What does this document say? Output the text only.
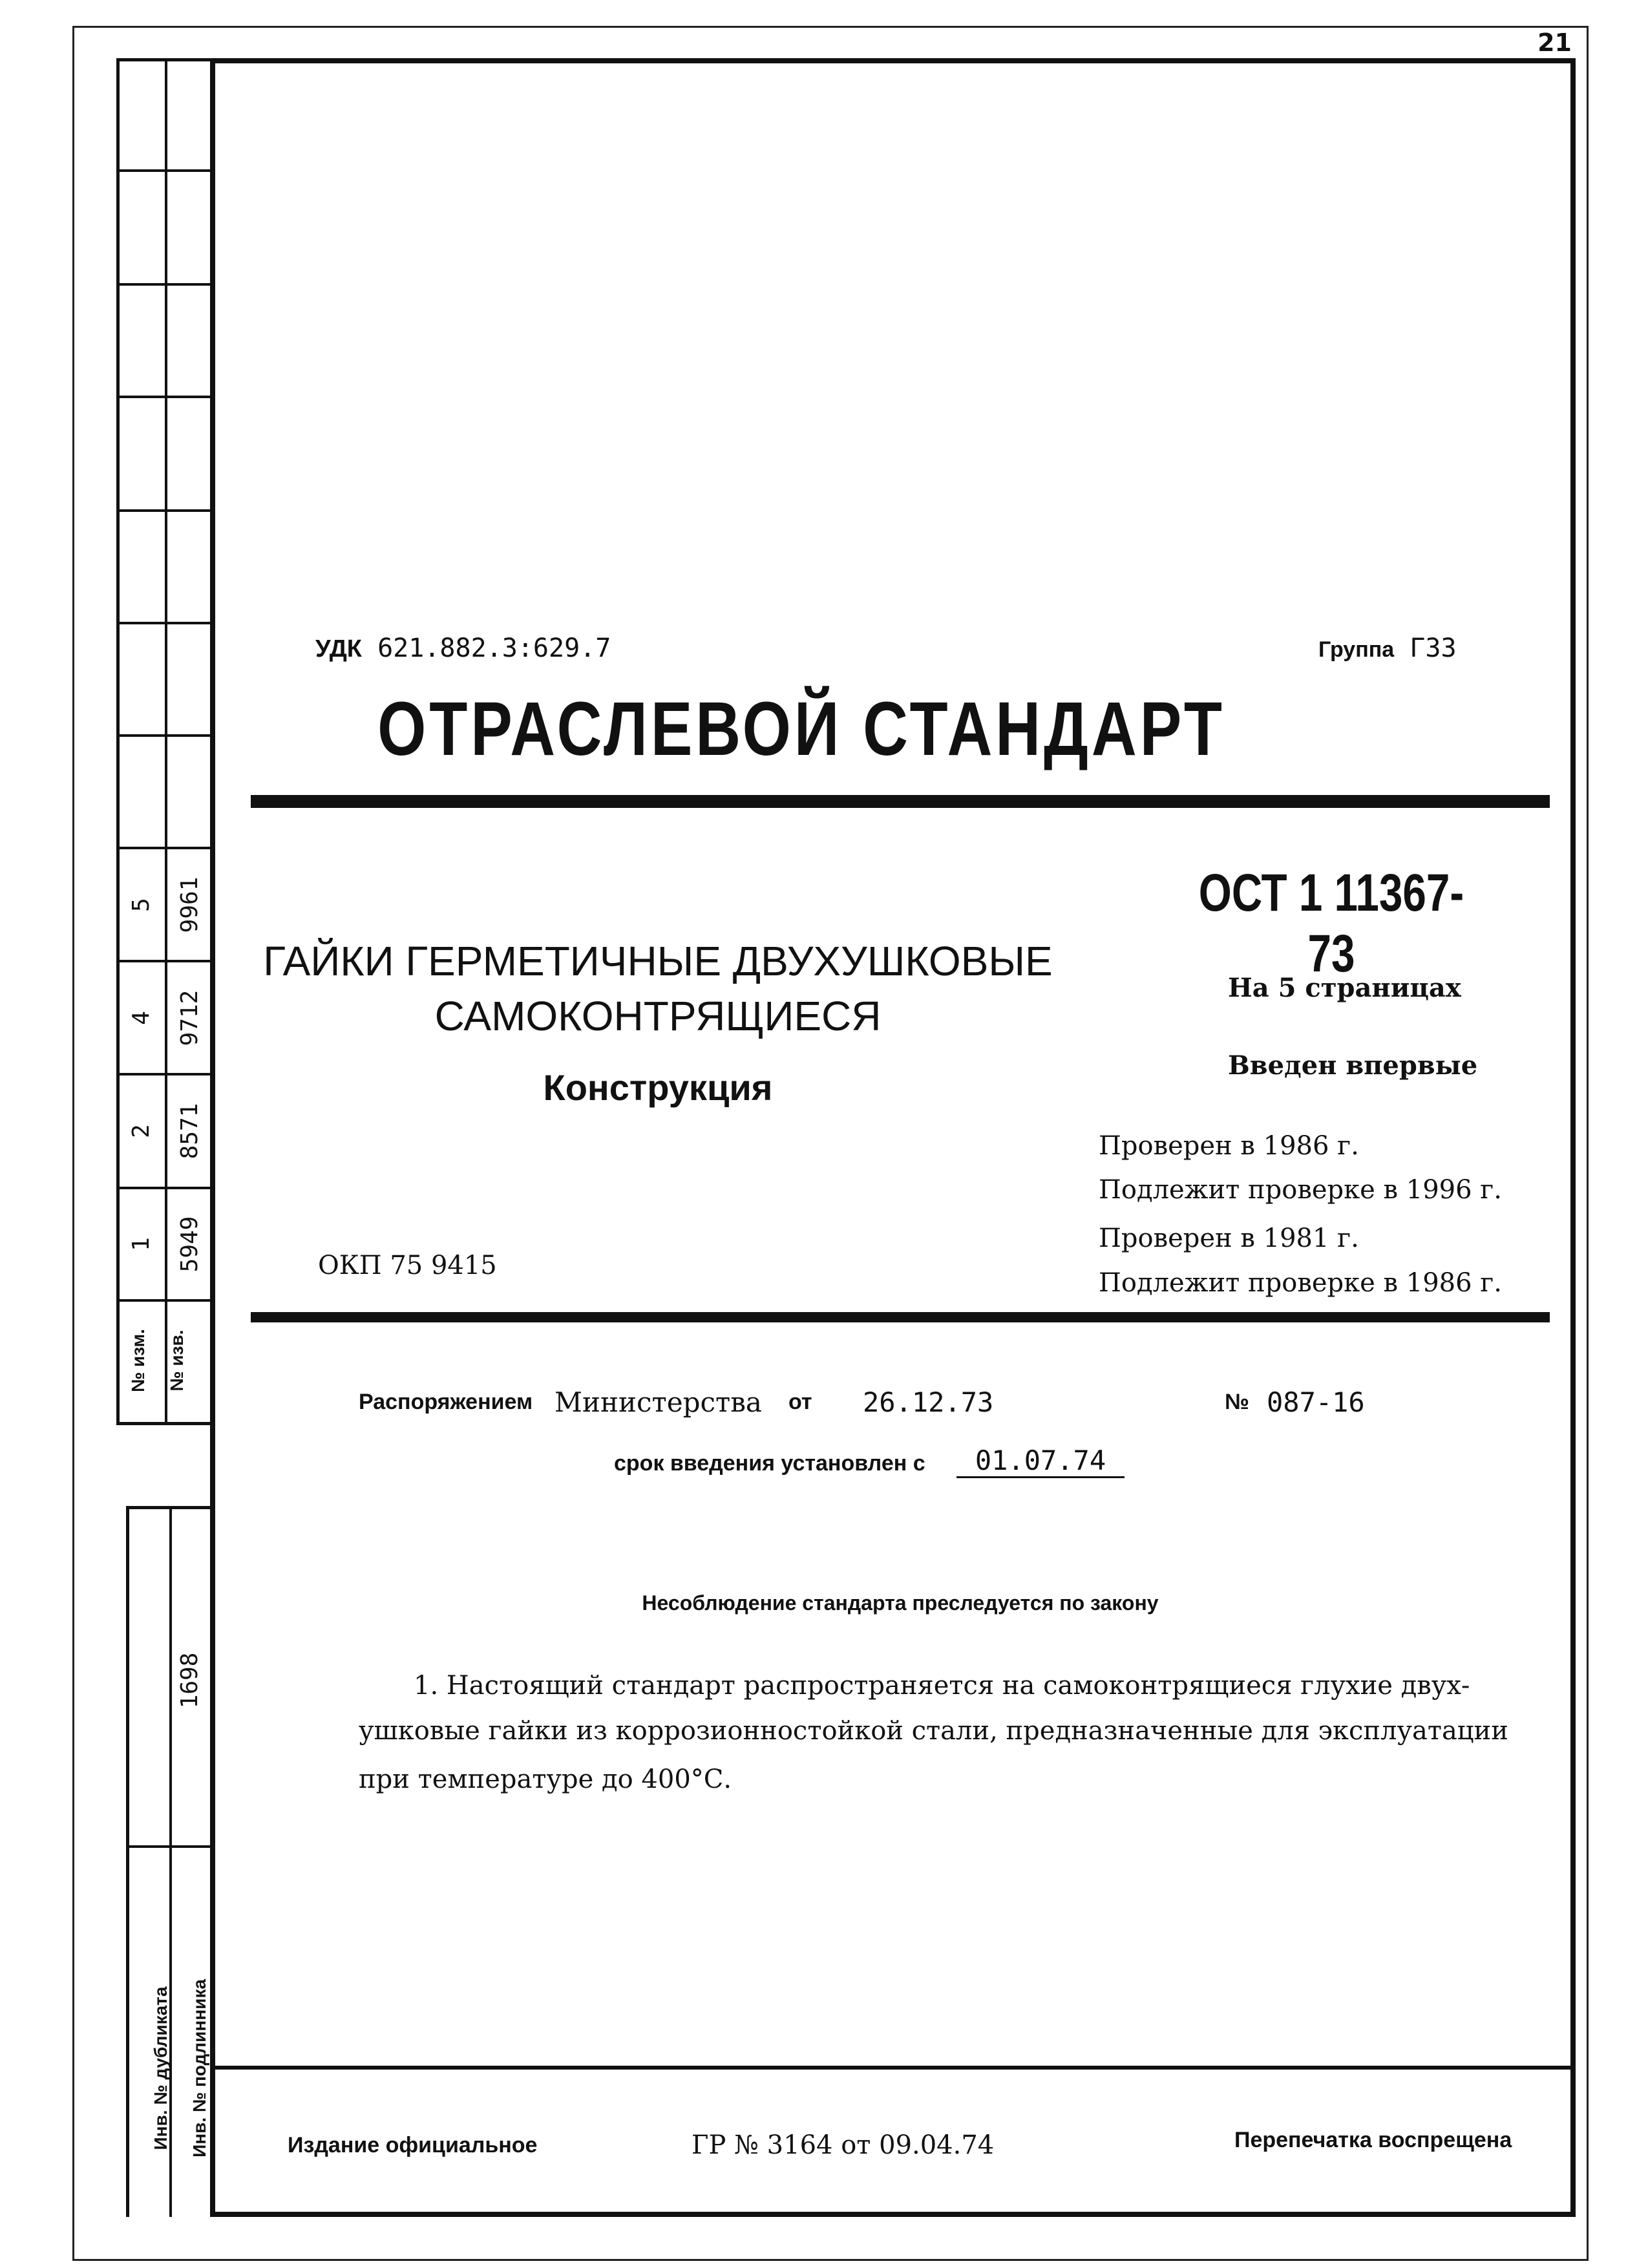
21
5 9961
4 9712
2 8571
1 5949
№ изм.	№ изв.
1698
Инв. № дубликата	Инв. № подлинника
УДК 621.882.3:629.7	Группа Г33
ОТРАСЛЕВОЙ СТАНДАРТ
ОСТ 1 11367-73
ГАЙКИ ГЕРМЕТИЧНЫЕ ДВУХУШКОВЫЕ
САМОКОНТРЯЩИЕСЯ
Конструкция
На 5 страницах
Введен впервые
Проверен в 1986 г.
Подлежит проверке в 1996 г.
Проверен в 1981 г.
Подлежит проверке в 1986 г.
ОКП 75 9415
Распоряжением Министерства от 26.12.73	№ 087-16
срок введения установлен с	01.07.74
Несоблюдение стандарта преследуется по закону
1. Настоящий стандарт распространяется на самоконтрящиеся глухие двух-
ушковые гайки из коррозионностойкой стали, предназначенные для эксплуатации
при температуре до 400°С.
Издание официальное	ГР № 3164 от 09.04.74	Перепечатка воспрещена
